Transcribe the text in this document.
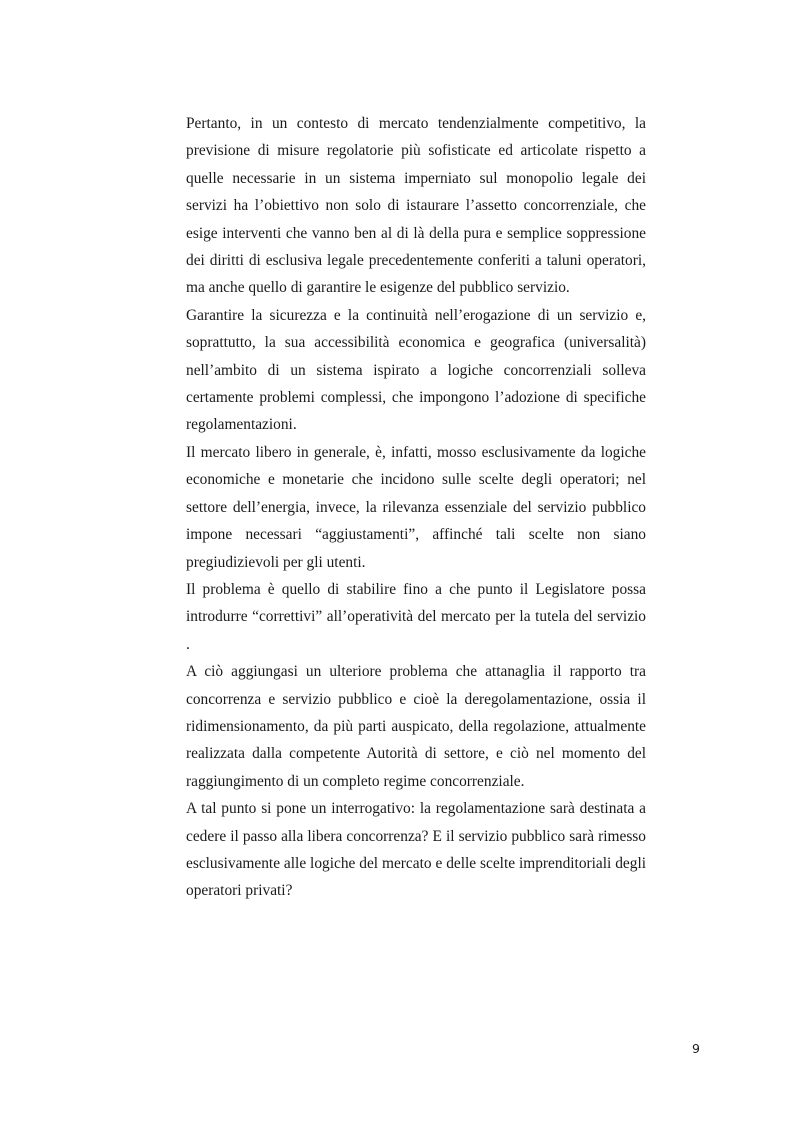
Pertanto, in un contesto di mercato tendenzialmente competitivo, la previsione di misure regolatorie più sofisticate ed articolate rispetto a quelle necessarie in un sistema imperniato sul monopolio legale dei servizi ha l’obiettivo non solo di istaurare l’assetto concorrenziale, che esige interventi che vanno ben al di là della pura e semplice soppressione dei diritti di esclusiva legale precedentemente conferiti a taluni operatori, ma anche quello di garantire le esigenze del pubblico servizio.

Garantire la sicurezza e la continuità nell’erogazione di un servizio e, soprattutto, la sua accessibilità economica e geografica (universalità) nell’ambito di un sistema ispirato a logiche concorrenziali solleva certamente problemi complessi, che impongono l’adozione di specifiche regolamentazioni.

Il mercato libero in generale, è, infatti, mosso esclusivamente da logiche economiche e monetarie che incidono sulle scelte degli operatori; nel settore dell’energia, invece, la rilevanza essenziale del servizio pubblico impone necessari “aggiustamenti”, affinché tali scelte non siano pregiudizievoli per gli utenti.

Il problema è quello di stabilire fino a che punto il Legislatore possa introdurre “correttivi” all’operatività del mercato per la tutela del servizio .

A ciò aggiungasi un ulteriore problema che attanaglia il rapporto tra concorrenza e servizio pubblico e cioè la deregolamentazione, ossia il ridimensionamento, da più parti auspicato, della regolazione, attualmente realizzata dalla competente Autorità di settore, e ciò nel momento del raggiungimento di un completo regime concorrenziale.

A tal punto si pone un interrogativo: la regolamentazione sarà destinata a cedere il passo alla libera concorrenza? E il servizio pubblico sarà rimesso esclusivamente alle logiche del mercato e delle scelte imprenditoriali degli operatori privati?

9
